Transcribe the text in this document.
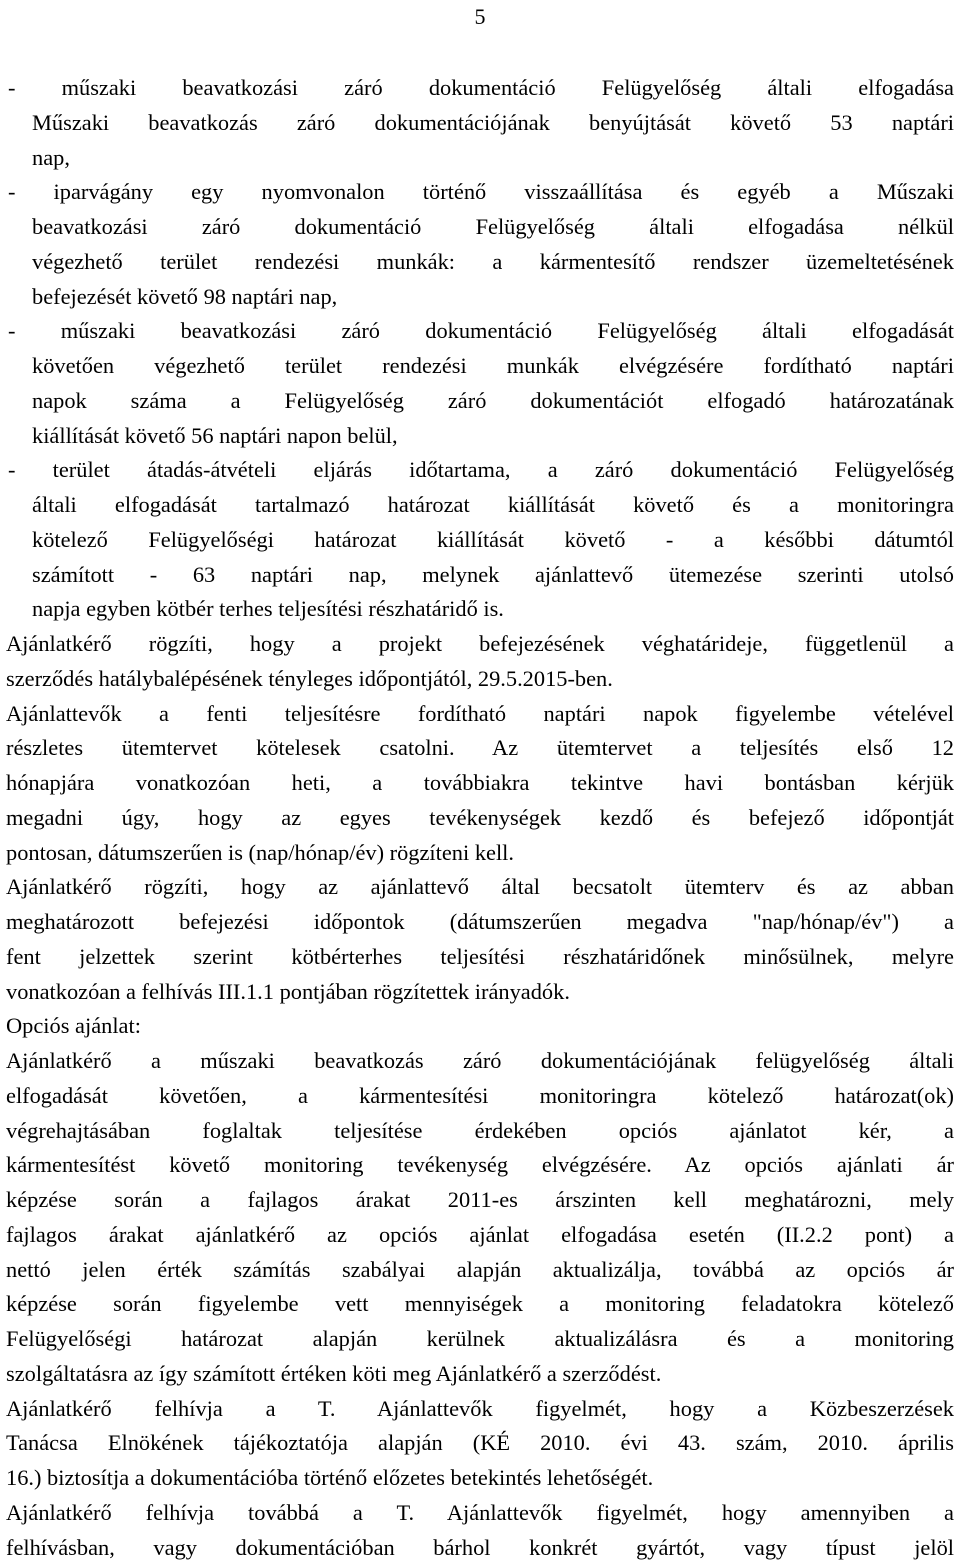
5
- műszaki beavatkozási záró dokumentáció Felügyelőség általi elfogadása
Műszaki beavatkozás záró dokumentációjának benyújtását követő 53 naptári
nap,
- iparvágány egy nyomvonalon történő visszaállítása és egyéb a Műszaki
beavatkozási záró dokumentáció Felügyelőség általi elfogadása nélkül
végezhető terület rendezési munkák: a kármentesítő rendszer üzemeltetésének
befejezését követő 98 naptári nap,
- műszaki beavatkozási záró dokumentáció Felügyelőség általi elfogadását
követően végezhető terület rendezési munkák elvégzésére fordítható naptári
napok száma a Felügyelőség záró dokumentációt elfogadó határozatának
kiállítását követő 56 naptári napon belül,
- terület átadás-átvételi eljárás időtartama, a záró dokumentáció Felügyelőség
általi elfogadását tartalmazó határozat kiállítását követő és a monitoringra
kötelező Felügyelőségi határozat kiállítását követő - a későbbi dátumtól
számított - 63 naptári nap, melynek ajánlattevő ütemezése szerinti utolsó
napja egyben kötbér terhes teljesítési részhatáridő is.
Ajánlatkérő rögzíti, hogy a projekt befejezésének véghatárideje, függetlenül a
szerződés hatálybalépésének tényleges időpontjától, 29.5.2015-ben.
Ajánlattevők a fenti teljesítésre fordítható naptári napok figyelembe vételével
részletes ütemtervet kötelesek csatolni. Az ütemtervet a teljesítés első 12
hónapjára vonatkozóan heti, a továbbiakra tekintve havi bontásban kérjük
megadni úgy, hogy az egyes tevékenységek kezdő és befejező időpontját
pontosan, dátumszerűen is (nap/hónap/év) rögzíteni kell.
Ajánlatkérő rögzíti, hogy az ajánlattevő által becsatolt ütemterv és az abban
meghatározott befejezési időpontok (dátumszerűen megadva "nap/hónap/év") a
fent jelzettek szerint kötbérterhes teljesítési részhatáridőnek minősülnek, melyre
vonatkozóan a felhívás III.1.1 pontjában rögzítettek irányadók.
Opciós ajánlat:
Ajánlatkérő a műszaki beavatkozás záró dokumentációjának felügyelőség általi
elfogadását követően, a kármentesítési monitoringra kötelező határozat(ok)
végrehajtásában foglaltak teljesítése érdekében opciós ajánlatot kér, a
kármentesítést követő monitoring tevékenység elvégzésére. Az opciós ajánlati ár
képzése során a fajlagos árakat 2011-es árszinten kell meghatározni, mely
fajlagos árakat ajánlatkérő az opciós ajánlat elfogadása esetén (II.2.2 pont) a
nettó jelen érték számítás szabályai alapján aktualizálja, továbbá az opciós ár
képzése során figyelembe vett mennyiségek a monitoring feladatokra kötelező
Felügyelőségi határozat alapján kerülnek aktualizálásra és a monitoring
szolgáltatásra az így számított értéken köti meg Ajánlatkérő a szerződést.
Ajánlatkérő felhívja a T. Ajánlattevők figyelmét, hogy a Közbeszerzések
Tanácsa Elnökének tájékoztatója alapján (KÉ 2010. évi 43. szám, 2010. április
16.) biztosítja a dokumentációba történő előzetes betekintés lehetőségét.
Ajánlatkérő felhívja továbbá a T. Ajánlattevők figyelmét, hogy amennyiben a
felhívásban, vagy dokumentációban bárhol konkrét gyártót, vagy típust jelöl
